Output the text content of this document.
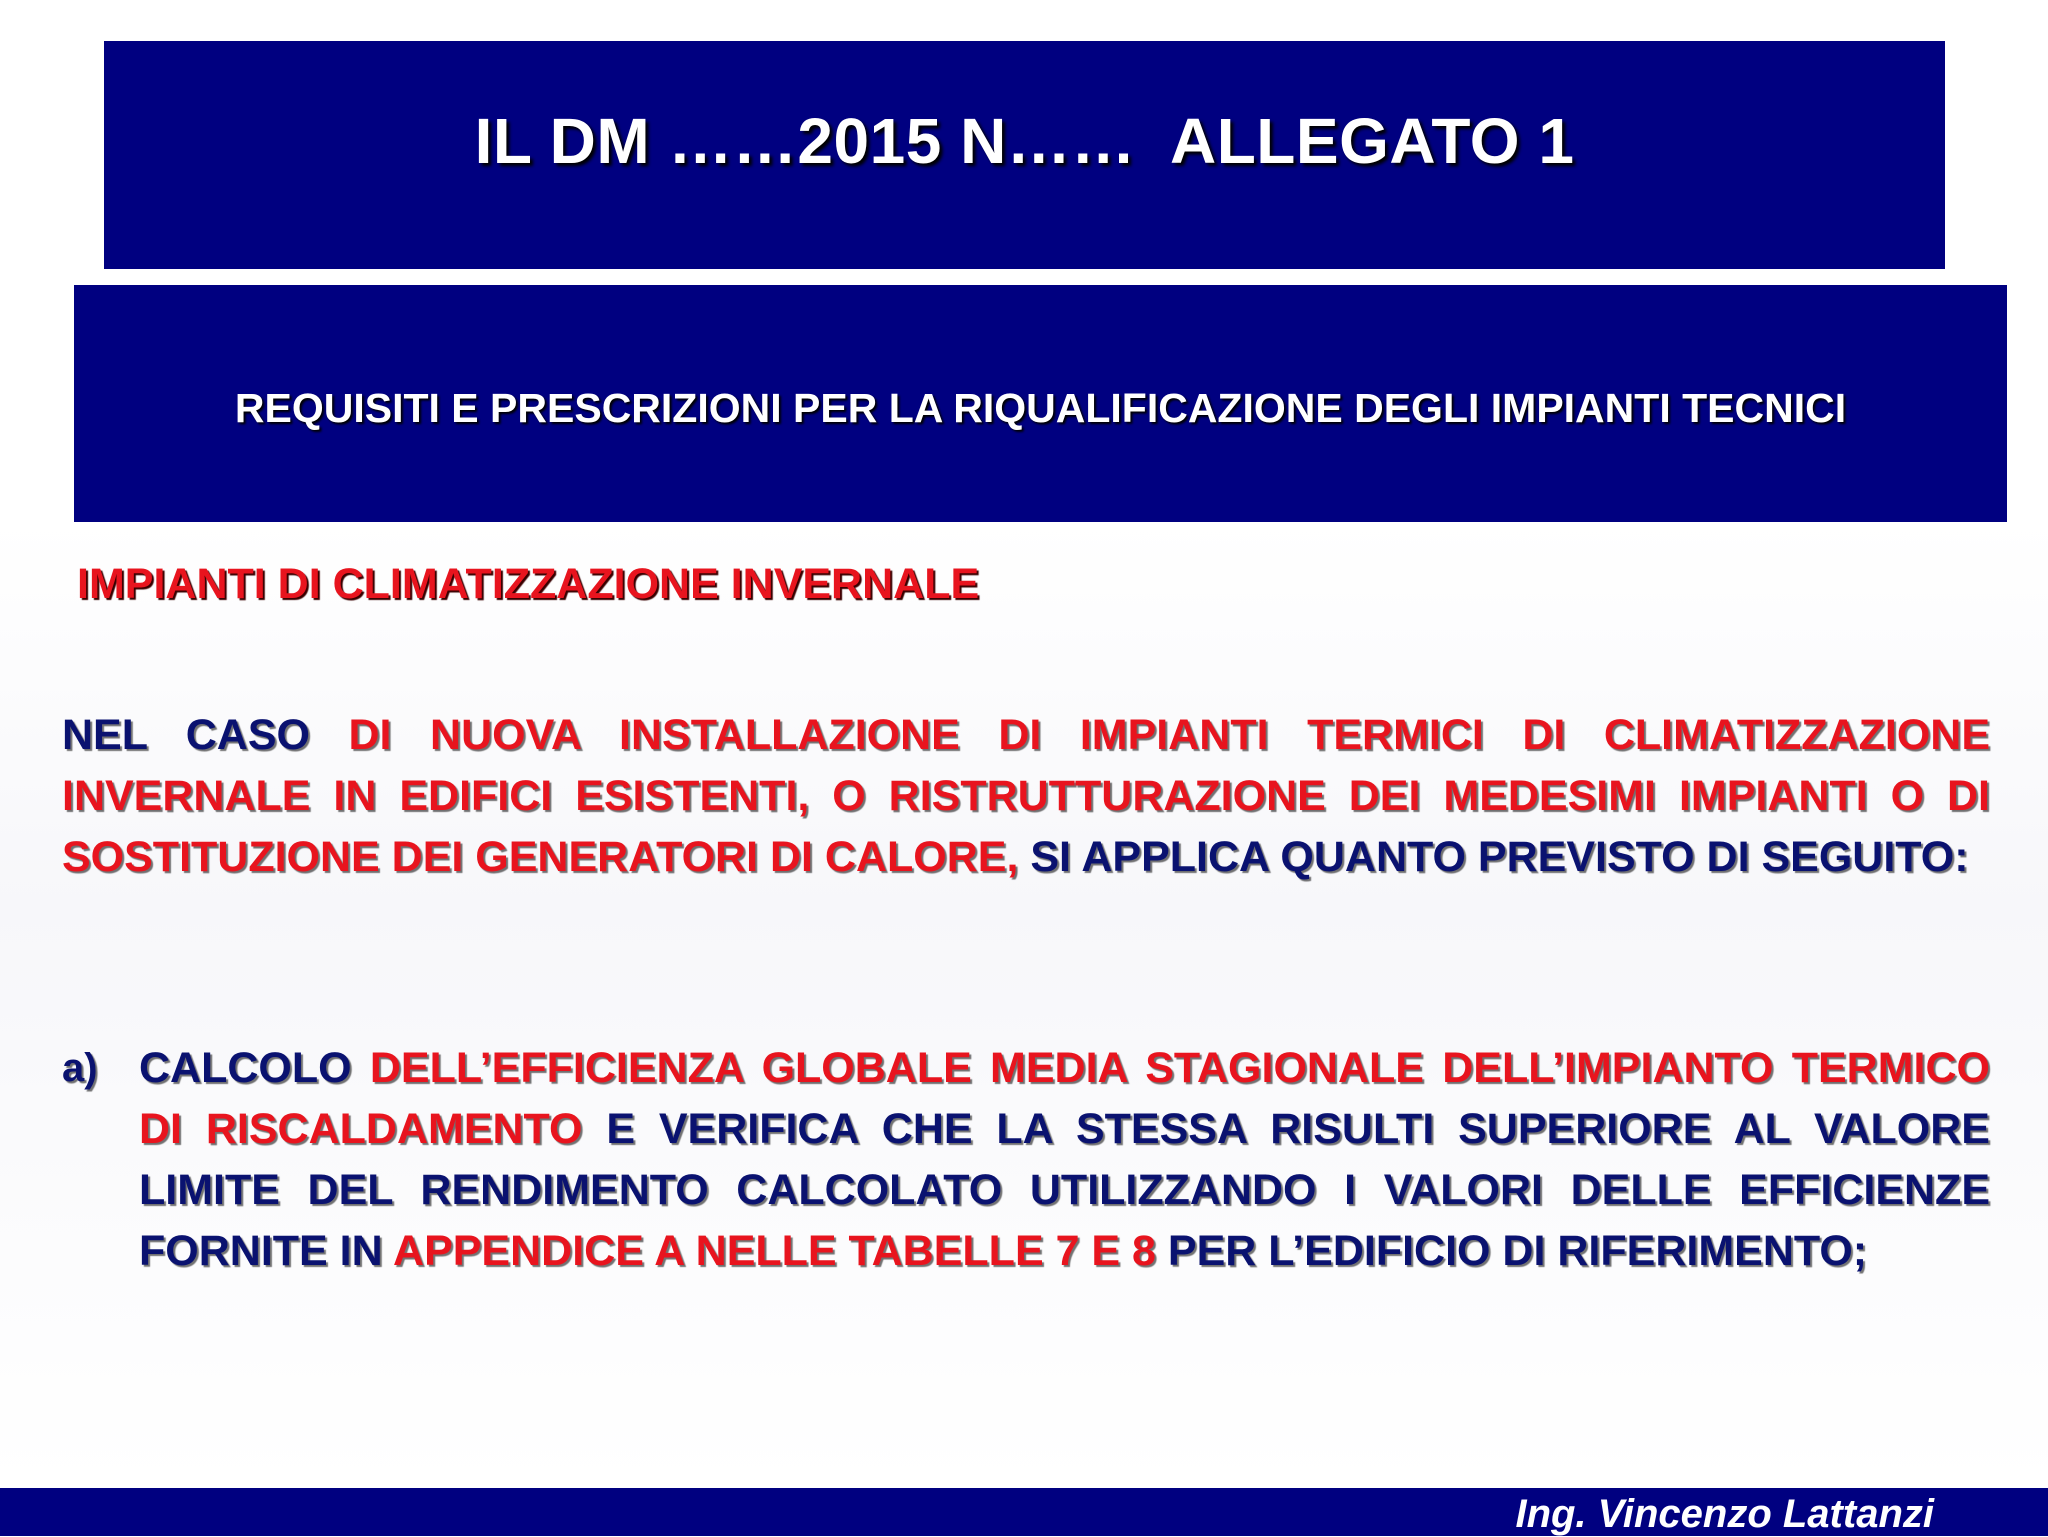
IL DM ……2015 N……  ALLEGATO 1
REQUISITI E PRESCRIZIONI PER LA RIQUALIFICAZIONE DEGLI IMPIANTI TECNICI
IMPIANTI DI CLIMATIZZAZIONE INVERNALE
NEL CASO DI NUOVA INSTALLAZIONE DI IMPIANTI TERMICI DI CLIMATIZZAZIONE INVERNALE IN EDIFICI ESISTENTI, O RISTRUTTURAZIONE DEI MEDESIMI IMPIANTI O DI SOSTITUZIONE DEI GENERATORI DI CALORE, SI APPLICA QUANTO PREVISTO DI SEGUITO:
a) CALCOLO DELL’EFFICIENZA GLOBALE MEDIA STAGIONALE DELL’IMPIANTO TERMICO DI RISCALDAMENTO E VERIFICA CHE LA STESSA RISULTI SUPERIORE AL VALORE LIMITE DEL RENDIMENTO CALCOLATO UTILIZZANDO I VALORI DELLE EFFICIENZE FORNITE IN APPENDICE A NELLE TABELLE 7 E 8 PER L’EDIFICIO DI RIFERIMENTO;
Ing. Vincenzo Lattanzi
